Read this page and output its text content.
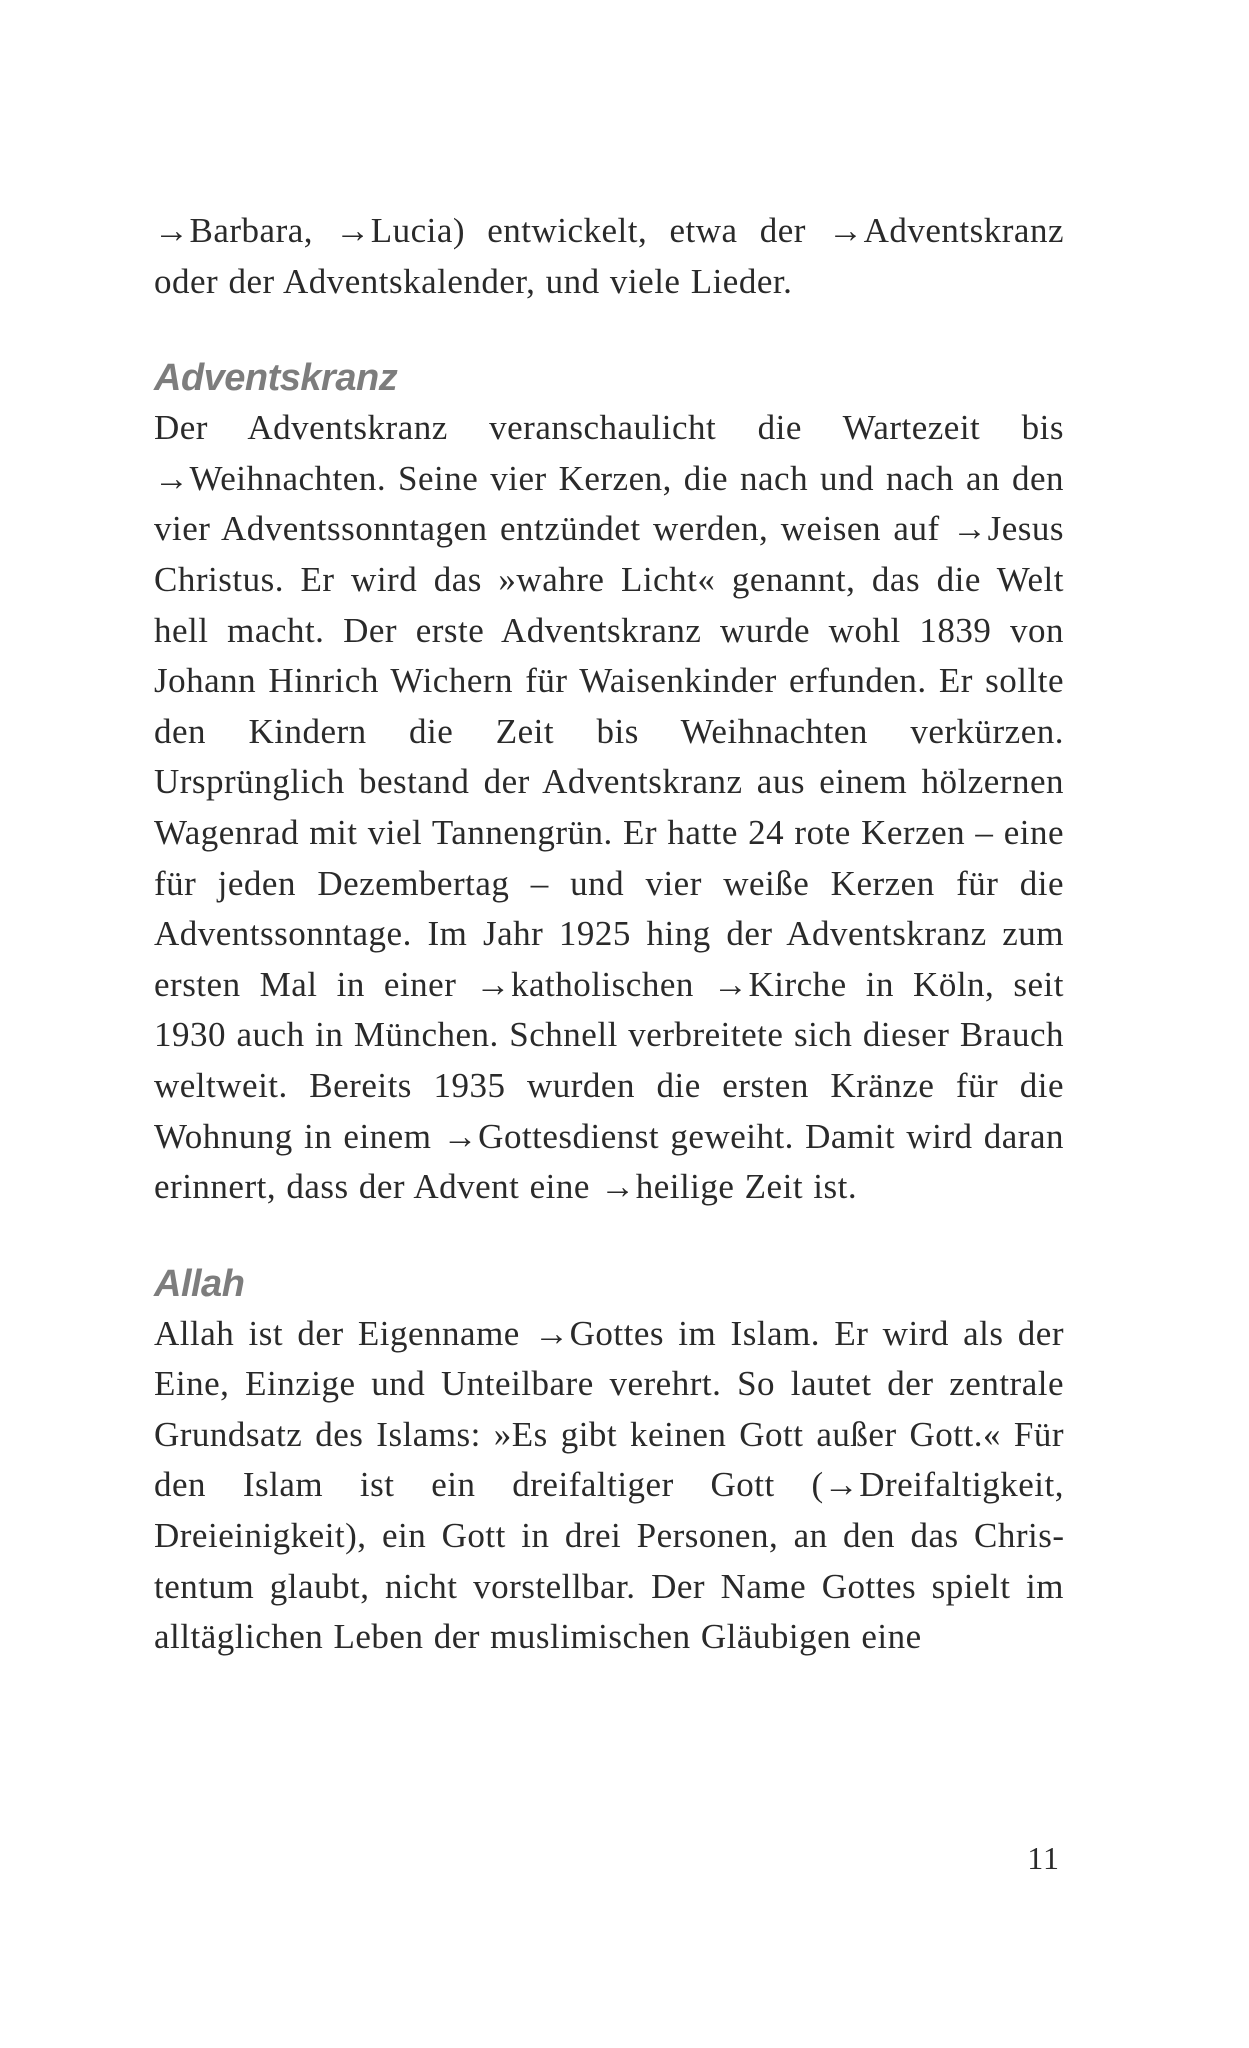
→Barbara, →Lucia) entwickelt, etwa der →Adventskranz oder der Adventskalender, und viele Lieder.

Adventskranz

Der Adventskranz veranschaulicht die Wartezeit bis →Weihnachten. Seine vier Kerzen, die nach und nach an den vier Adventssonntagen entzündet werden, weisen auf →Jesus Christus. Er wird das »wahre Licht« genannt, das die Welt hell macht. Der erste Adventskranz wurde wohl 1839 von Johann Hinrich Wichern für Waisenkinder erfunden. Er sollte den Kindern die Zeit bis Weihnachten verkürzen. Ursprünglich bestand der Adventskranz aus einem hölzernen Wagenrad mit viel Tannengrün. Er hatte 24 rote Kerzen – eine für jeden Dezembertag – und vier weiße Kerzen für die Adventssonntage. Im Jahr 1925 hing der Adventskranz zum ersten Mal in einer →katholischen →Kirche in Köln, seit 1930 auch in München. Schnell verbreitete sich dieser Brauch weltweit. Bereits 1935 wurden die ersten Kränze für die Wohnung in einem →Gottesdienst geweiht. Damit wird daran erinnert, dass der Advent eine →heilige Zeit ist.

Allah

Allah ist der Eigenname →Gottes im Islam. Er wird als der Eine, Einzige und Unteilbare verehrt. So lautet der zentrale Grundsatz des Islams: »Es gibt keinen Gott außer Gott.« Für den Islam ist ein dreifaltiger Gott (→Dreifaltigkeit, Dreieinigkeit), ein Gott in drei Personen, an den das Christentum glaubt, nicht vorstellbar. Der Name Gottes spielt im alltäglichen Leben der muslimischen Gläubigen eine

11
